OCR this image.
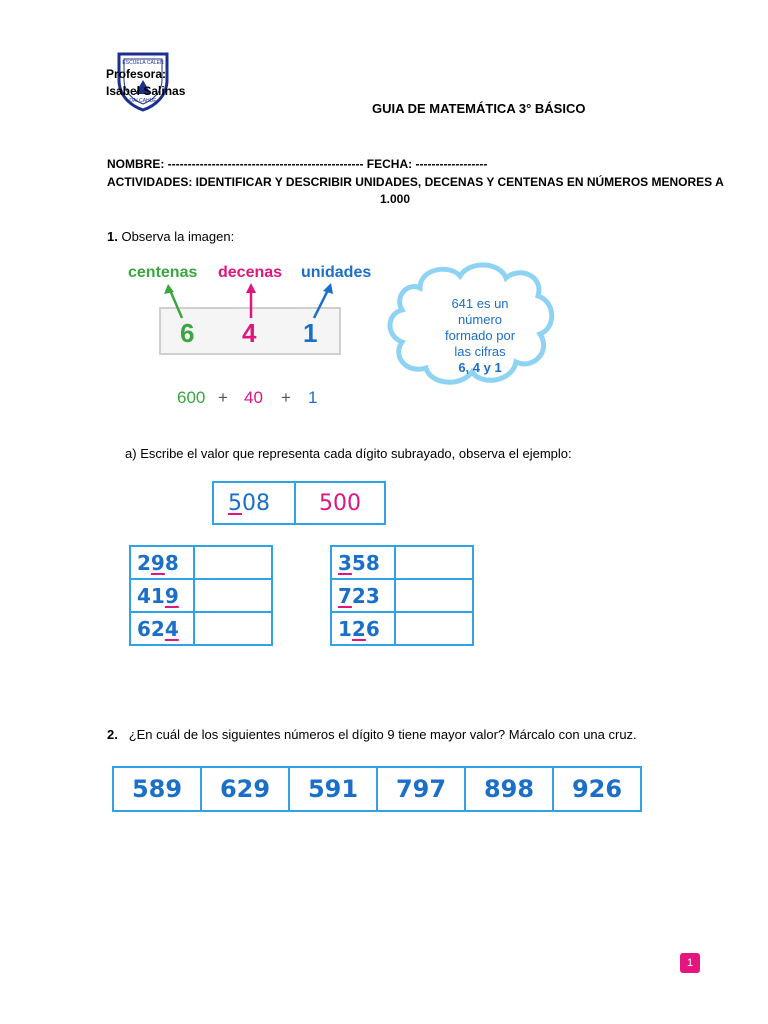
ESCUELA CALEN
DALCAHUE
Profesora:
Isabel Salinas
GUIA DE MATEMÁTICA 3° BÁSICO
NOMBRE: ------------------------------------------------- FECHA: ------------------
ACTIVIDADES: IDENTIFICAR Y DESCRIBIR UNIDADES, DECENAS Y CENTENAS EN NÚMEROS MENORES A
1.000
1. Observa la imagen:
centenas decenas unidades
6 4 1
600 + 40 + 1
641 es un
número
formado por
las cifras
6, 4 y 1
a) Escribe el valor que representa cada dígito subrayado, observa el ejemplo:
5 08	500
298	
419	
624	
358	
723	
126	
2. ¿En cuál de los siguientes números el dígito 9 tiene mayor valor? Márcalo con una cruz.
589	629	591	797	898	926
1
